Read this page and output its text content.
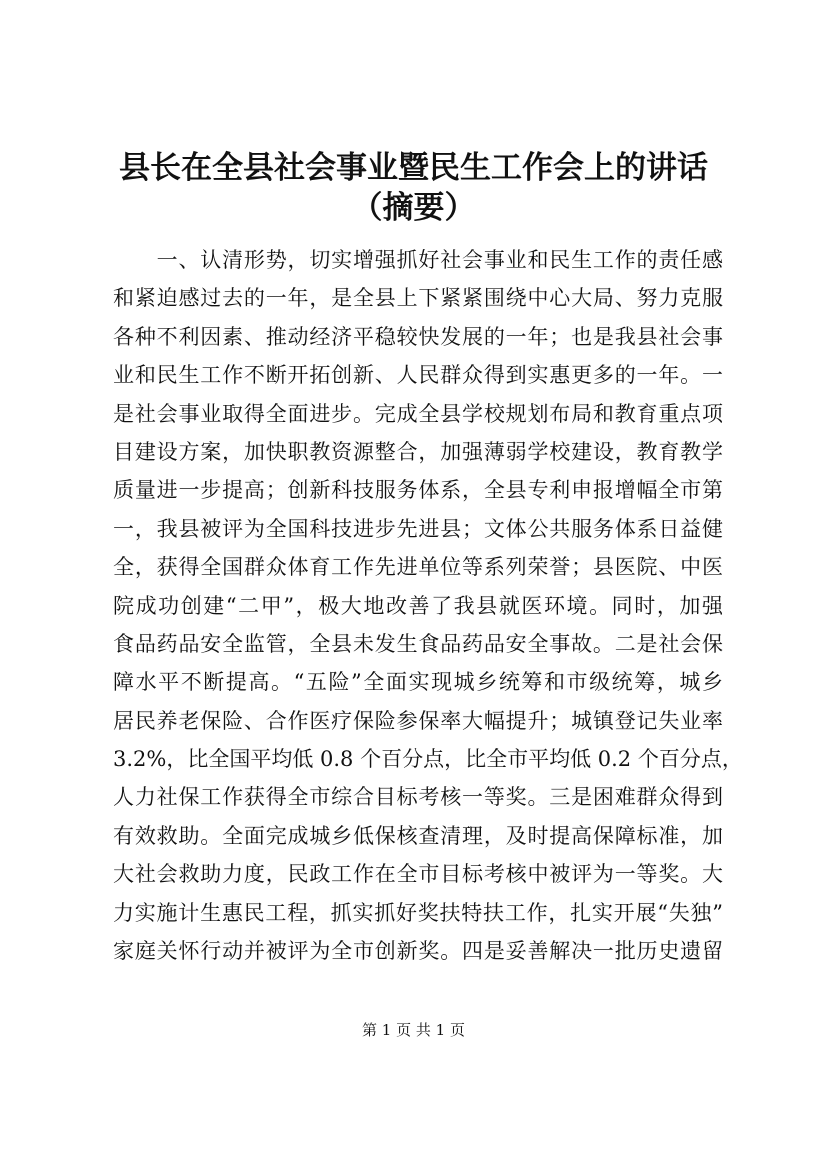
县长在全县社会事业暨民生工作会上的讲话
（摘要）
　　一、认清形势，切实增强抓好社会事业和民生工作的责任感
和紧迫感过去的一年，是全县上下紧紧围绕中心大局、努力克服
各种不利因素、推动经济平稳较快发展的一年；也是我县社会事
业和民生工作不断开拓创新、人民群众得到实惠更多的一年。一
是社会事业取得全面进步。完成全县学校规划布局和教育重点项
目建设方案，加快职教资源整合，加强薄弱学校建设，教育教学
质量进一步提高；创新科技服务体系，全县专利申报增幅全市第
一，我县被评为全国科技进步先进县；文体公共服务体系日益健
全，获得全国群众体育工作先进单位等系列荣誉；县医院、中医
院成功创建“二甲”，极大地改善了我县就医环境。同时，加强
食品药品安全监管，全县未发生食品药品安全事故。二是社会保
障水平不断提高。“五险”全面实现城乡统筹和市级统筹，城乡
居民养老保险、合作医疗保险参保率大幅提升；城镇登记失业率
3.2%，比全国平均低 0.8 个百分点，比全市平均低 0.2 个百分点，
人力社保工作获得全市综合目标考核一等奖。三是困难群众得到
有效救助。全面完成城乡低保核查清理，及时提高保障标准，加
大社会救助力度，民政工作在全市目标考核中被评为一等奖。大
力实施计生惠民工程，抓实抓好奖扶特扶工作，扎实开展“失独”
家庭关怀行动并被评为全市创新奖。四是妥善解决一批历史遗留
第 1 页 共 1 页
